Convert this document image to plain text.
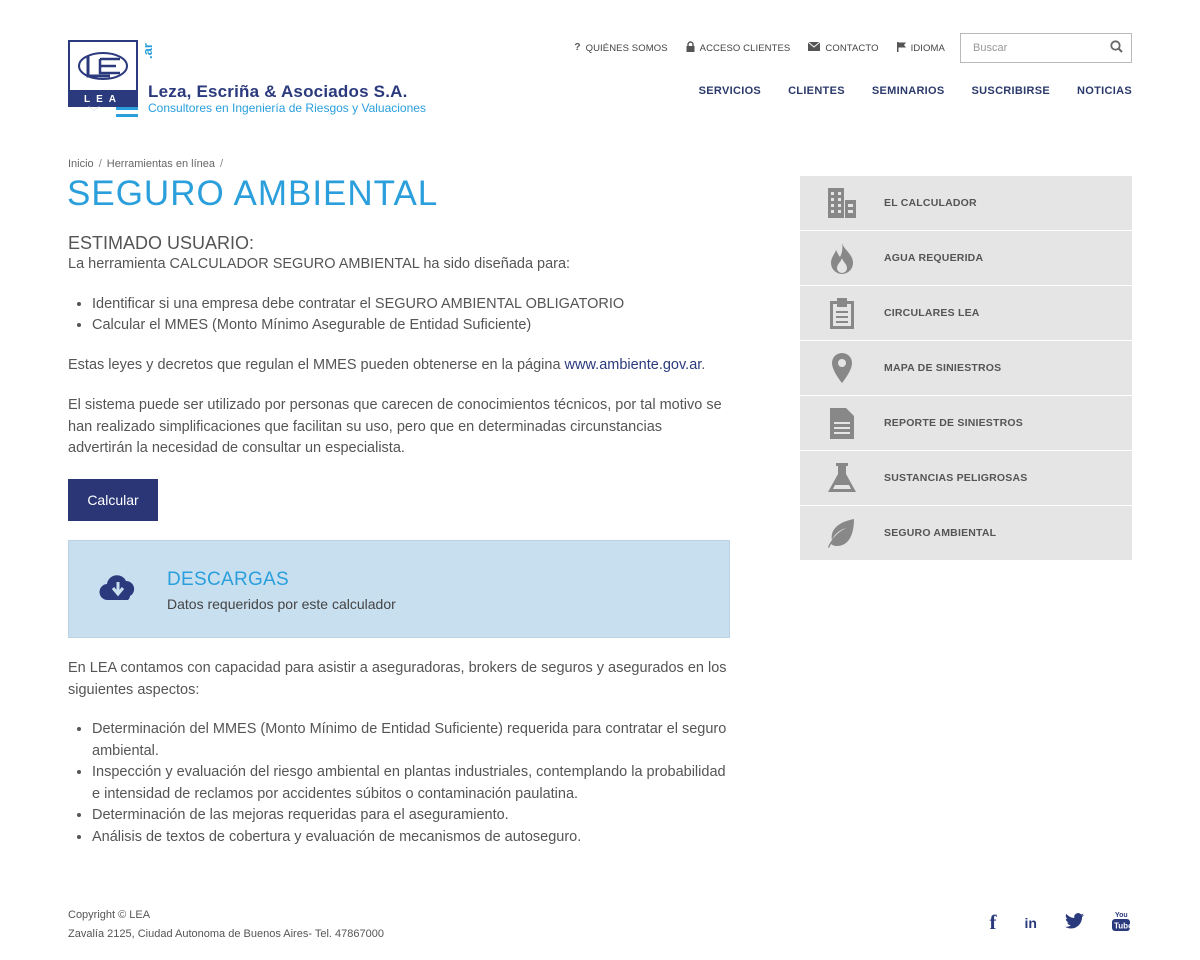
LEA
.ar
﹀
Leza, Escriña & Asociados S.A.
Consultores en Ingeniería de Riesgos y Valuaciones
? QUIÉNES SOMOS	ACCESO CLIENTES	CONTACTO	IDIOMA
Buscar
SERVICIOS CLIENTES SEMINARIOS SUSCRIBIRSE NOTICIAS
Inicio / Herramientas en línea /
SEGURO AMBIENTAL
ESTIMADO USUARIO:

La herramienta CALCULADOR SEGURO AMBIENTAL ha sido diseñada para:

• Identificar si una empresa debe contratar el SEGURO AMBIENTAL OBLIGATORIO
• Calcular el MMES (Monto Mínimo Asegurable de Entidad Suficiente)

Estas leyes y decretos que regulan el MMES pueden obtenerse en la página www.ambiente.gov.ar.

El sistema puede ser utilizado por personas que carecen de conocimientos técnicos, por tal motivo se han realizado simplificaciones que facilitan su uso, pero que en determinadas circunstancias advertirán la necesidad de consultar un especialista.

Calcular
DESCARGAS
Datos requeridos por este calculador

En LEA contamos con capacidad para asistir a aseguradoras, brokers de seguros y asegurados en los siguientes aspectos:

• Determinación del MMES (Monto Mínimo de Entidad Suficiente) requerida para contratar el seguro ambiental.
• Inspección y evaluación del riesgo ambiental en plantas industriales, contemplando la probabilidad e intensidad de reclamos por accidentes súbitos o contaminación paulatina.
• Determinación de las mejoras requeridas para el aseguramiento.
• Análisis de textos de cobertura y evaluación de mecanismos de autoseguro.
EL CALCULADOR
AGUA REQUERIDA
CIRCULARES LEA
MAPA DE SINIESTROS
REPORTE DE SINIESTROS
SUSTANCIAS PELIGROSAS
SEGURO AMBIENTAL
Copyright © LEA
Zavalía 2125, Ciudad Autonoma de Buenos Aires- Tel. 47867000	f in	You
Tube
